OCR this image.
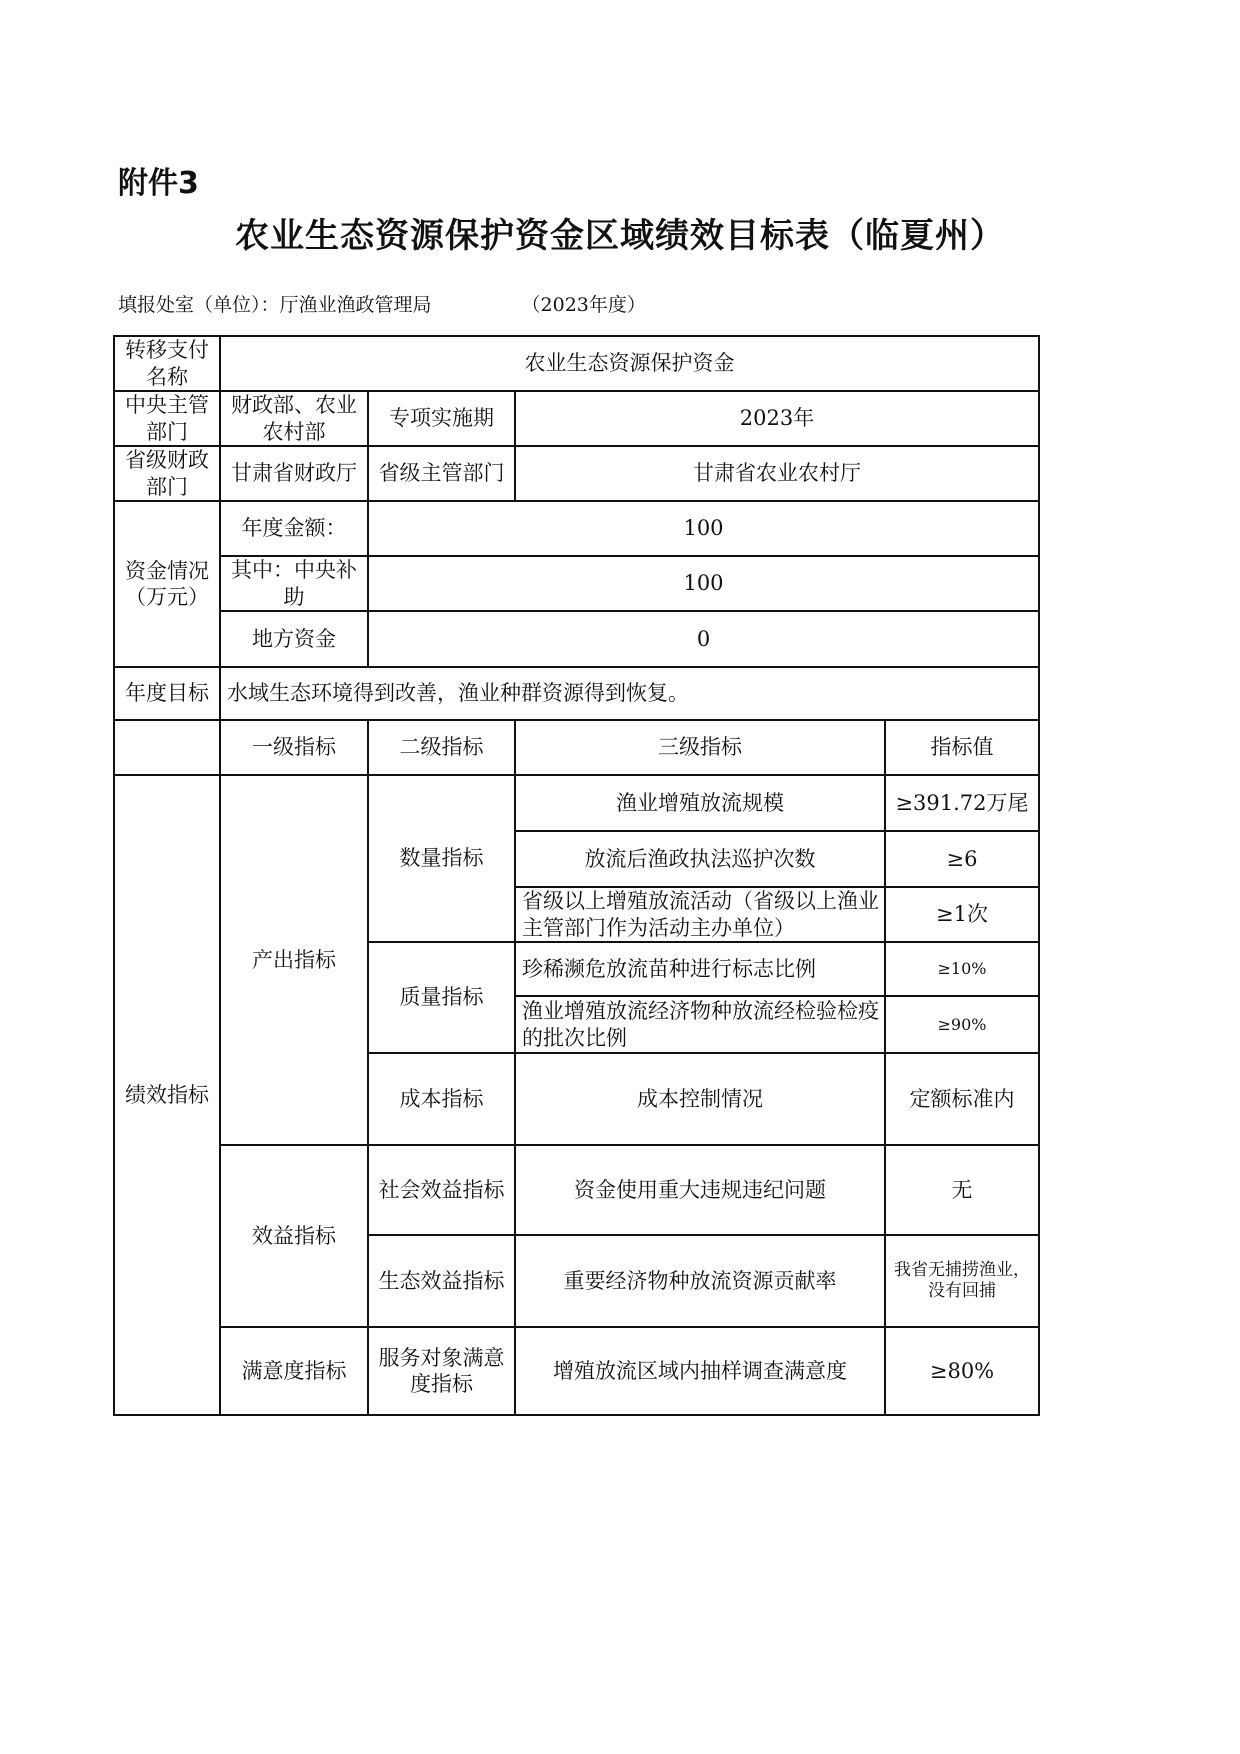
附件3
农业生态资源保护资金区域绩效目标表（临夏州）
填报处室（单位）：厅渔业渔政管理局	（2023年度）
转移支付名称	农业生态资源保护资金			
中央主管部门	财政部、农业农村部	专项实施期	2023年	
省级财政部门	甘肃省财政厅	省级主管部门	甘肃省农业农村厅	
资金情况（万元）	年度金额：	100		
	其中：中央补助	100		
	地方资金	0		
年度目标	水域生态环境得到改善，渔业种群资源得到恢复。			
	一级指标	二级指标	三级指标	指标值
绩效指标	产出指标	数量指标	渔业增殖放流规模	≥391.72万尾
			放流后渔政执法巡护次数	≥6
			省级以上增殖放流活动（省级以上渔业主管部门作为活动主办单位）	≥1次
		质量指标	珍稀濒危放流苗种进行标志比例	≥10%
			渔业增殖放流经济物种放流经检验检疫的批次比例	≥90%
		成本指标	成本控制情况	定额标准内
	效益指标	社会效益指标	资金使用重大违规违纪问题	无
		生态效益指标	重要经济物种放流资源贡献率	我省无捕捞渔业，没有回捕
	满意度指标	服务对象满意度指标	增殖放流区域内抽样调查满意度	≥80%
